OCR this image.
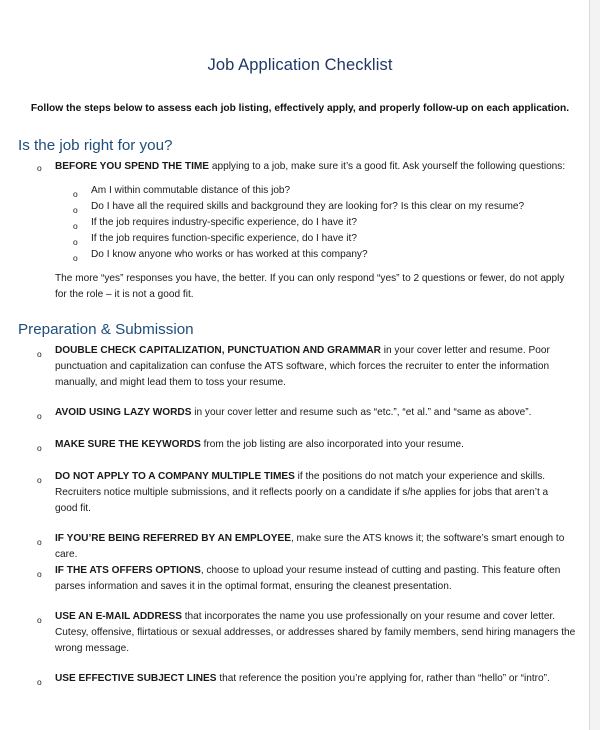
Job Application Checklist
Follow the steps below to assess each job listing, effectively apply, and properly follow-up on each application.
Is the job right for you?
o BEFORE YOU SPEND THE TIME applying to a job, make sure it’s a good fit. Ask yourself the following questions:
o Am I within commutable distance of this job?
o Do I have all the required skills and background they are looking for? Is this clear on my resume?
o If the job requires industry-specific experience, do I have it?
o If the job requires function-specific experience, do I have it?
o Do I know anyone who works or has worked at this company?
The more “yes” responses you have, the better. If you can only respond “yes” to 2 questions or fewer, do not apply
for the role – it is not a good fit.
Preparation & Submission
o DOUBLE CHECK CAPITALIZATION, PUNCTUATION AND GRAMMAR in your cover letter and resume. Poor
punctuation and capitalization can confuse the ATS software, which forces the recruiter to enter the information
manually, and might lead them to toss your resume.
o AVOID USING LAZY WORDS in your cover letter and resume such as “etc.”, “et al.” and “same as above”.
o MAKE SURE THE KEYWORDS from the job listing are also incorporated into your resume.
o DO NOT APPLY TO A COMPANY MULTIPLE TIMES if the positions do not match your experience and skills.
Recruiters notice multiple submissions, and it reflects poorly on a candidate if s/he applies for jobs that aren’t a
good fit.
o IF YOU’RE BEING REFERRED BY AN EMPLOYEE, make sure the ATS knows it; the software’s smart enough to care.
o IF THE ATS OFFERS OPTIONS, choose to upload your resume instead of cutting and pasting. This feature often
parses information and saves it in the optimal format, ensuring the cleanest presentation.
o USE AN E-MAIL ADDRESS that incorporates the name you use professionally on your resume and cover letter.
Cutesy, offensive, flirtatious or sexual addresses, or addresses shared by family members, send hiring managers the
wrong message.
o USE EFFECTIVE SUBJECT LINES that reference the position you’re applying for, rather than “hello” or “intro”.
